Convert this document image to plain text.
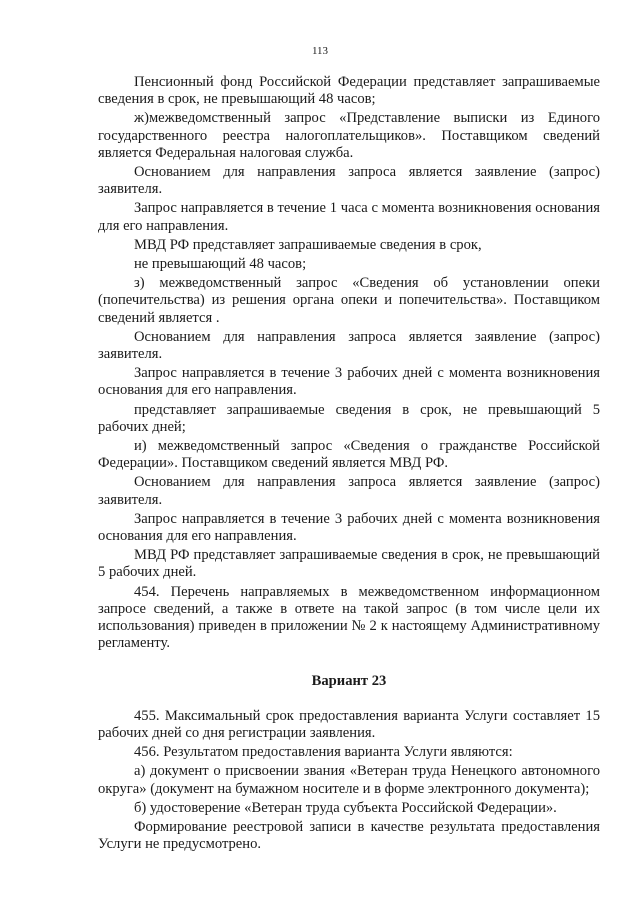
113

Пенсионный фонд Российской Федерации представляет запрашиваемые сведения в срок, не превышающий 48 часов;

ж)межведомственный запрос «Представление выписки из Единого государственного реестра налогоплательщиков». Поставщиком сведений является Федеральная налоговая служба.

Основанием для направления запроса является заявление (запрос) заявителя.

Запрос направляется в течение 1 часа с момента возникновения основания для его направления.

МВД РФ представляет запрашиваемые сведения в срок,

не превышающий 48 часов;

з) межведомственный запрос «Сведения об установлении опеки (попечительства) из решения органа опеки и попечительства». Поставщиком сведений является .

Основанием для направления запроса является заявление (запрос) заявителя.

Запрос направляется в течение 3 рабочих дней с момента возникновения основания для его направления.

представляет запрашиваемые сведения в срок, не превышающий 5 рабочих дней;

и) межведомственный запрос «Сведения о гражданстве Российской Федерации». Поставщиком сведений является МВД РФ.

Основанием для направления запроса является заявление (запрос) заявителя.

Запрос направляется в течение 3 рабочих дней с момента возникновения основания для его направления.

МВД РФ представляет запрашиваемые сведения в срок, не превышающий 5 рабочих дней.

454. Перечень направляемых в межведомственном информационном запросе сведений, а также в ответе на такой запрос (в том числе цели их использования) приведен в приложении № 2 к настоящему Административному регламенту.

Вариант 23

455. Максимальный срок предоставления варианта Услуги составляет 15 рабочих дней со дня регистрации заявления.

456. Результатом предоставления варианта Услуги являются:

а) документ о присвоении звания «Ветеран труда Ненецкого автономного округа» (документ на бумажном носителе и в форме электронного документа);

б) удостоверение «Ветеран труда субъекта Российской Федерации».

Формирование реестровой записи в качестве результата предоставления Услуги не предусмотрено.
